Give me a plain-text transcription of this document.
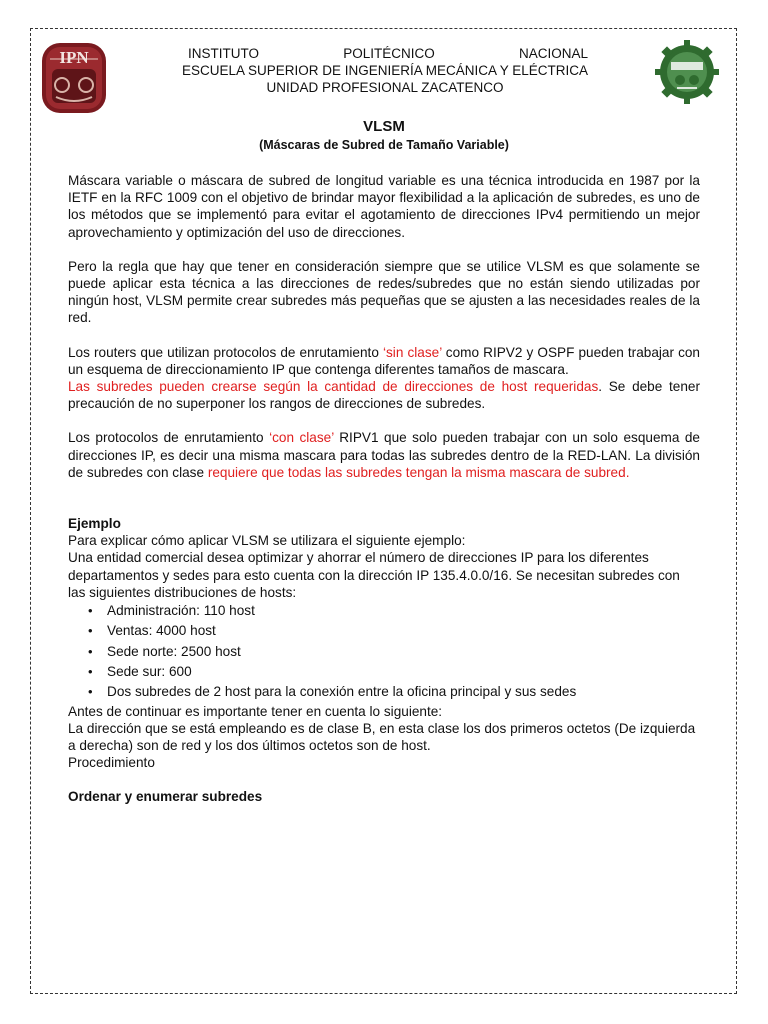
IPN	INSTITUTO	POLITÉCNICO	NACIONAL
ESCUELA SUPERIOR DE INGENIERÍA MECÁNICA Y ELÉCTRICA
UNIDAD PROFESIONAL ZACATENCO
VLSM
(Máscaras de Subred de Tamaño Variable)

Máscara variable o máscara de subred de longitud variable es una técnica introducida en 1987 por la IETF en la RFC 1009 con el objetivo de brindar mayor flexibilidad a la aplicación de subredes, es uno de los métodos que se implementó para evitar el agotamiento de direcciones IPv4 permitiendo un mejor aprovechamiento y optimización del uso de direcciones.

Pero la regla que hay que tener en consideración siempre que se utilice VLSM es que solamente se puede aplicar esta técnica a las direcciones de redes/subredes que no están siendo utilizadas por ningún host, VLSM permite crear subredes más pequeñas que se ajusten a las necesidades reales de la red.

Los routers que utilizan protocolos de enrutamiento ‘sin clase’ como RIPV2 y OSPF pueden trabajar con un esquema de direccionamiento IP que contenga diferentes tamaños de mascara.

Las subredes pueden crearse según la cantidad de direcciones de host requeridas. Se debe tener precaución de no superponer los rangos de direcciones de subredes.

Los protocolos de enrutamiento ‘con clase’ RIPV1 que solo pueden trabajar con un solo esquema de direcciones IP, es decir una misma mascara para todas las subredes dentro de la RED-LAN. La división de subredes con clase requiere que todas las subredes tengan la misma mascara de subred.

Ejemplo

Para explicar cómo aplicar VLSM se utilizara el siguiente ejemplo:

Una entidad comercial desea optimizar y ahorrar el número de direcciones IP para los diferentes departamentos y sedes para esto cuenta con la dirección IP 135.4.0.0/16. Se necesitan subredes con las siguientes distribuciones de hosts:

• Administración: 110 host
• Ventas: 4000 host
• Sede norte: 2500 host
• Sede sur: 600
• Dos subredes de 2 host para la conexión entre la oficina principal y sus sedes

Antes de continuar es importante tener en cuenta lo siguiente:

La dirección que se está empleando es de clase B, en esta clase los dos primeros octetos (De izquierda a derecha) son de red y los dos últimos octetos son de host.

Procedimiento

Ordenar y enumerar subredes
